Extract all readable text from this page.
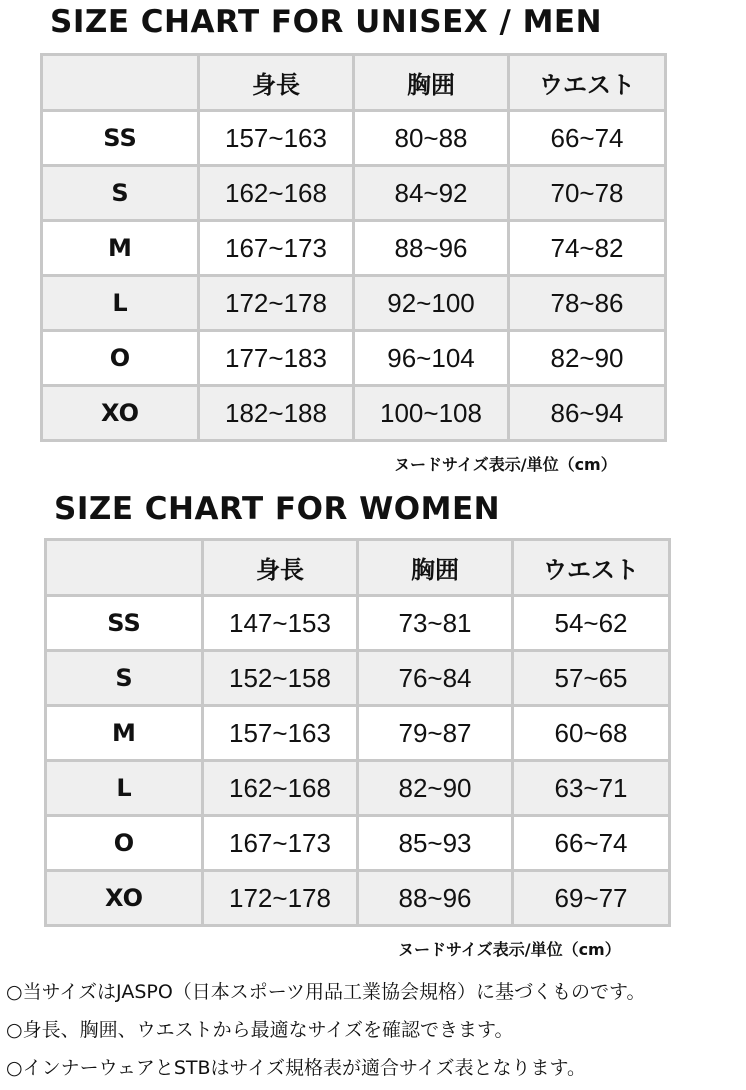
SIZE CHART FOR UNISEX / MEN
	身長	胸囲	ウエスト
SS	157~163	80~88	66~74
S	162~168	84~92	70~78
M	167~173	88~96	74~82
L	172~178	92~100	78~86
O	177~183	96~104	82~90
XO	182~188	100~108	86~94
ヌードサイズ表示/単位（cm）
SIZE CHART FOR WOMEN
	身長	胸囲	ウエスト
SS	147~153	73~81	54~62
S	152~158	76~84	57~65
M	157~163	79~87	60~68
L	162~168	82~90	63~71
O	167~173	85~93	66~74
XO	172~178	88~96	69~77
ヌードサイズ表示/単位（cm）
○当サイズはJASPO（日本スポーツ用品工業協会規格）に基づくものです。
○身長、胸囲、ウエストから最適なサイズを確認できます。
○インナーウェアとSTBはサイズ規格表が適合サイズ表となります。
